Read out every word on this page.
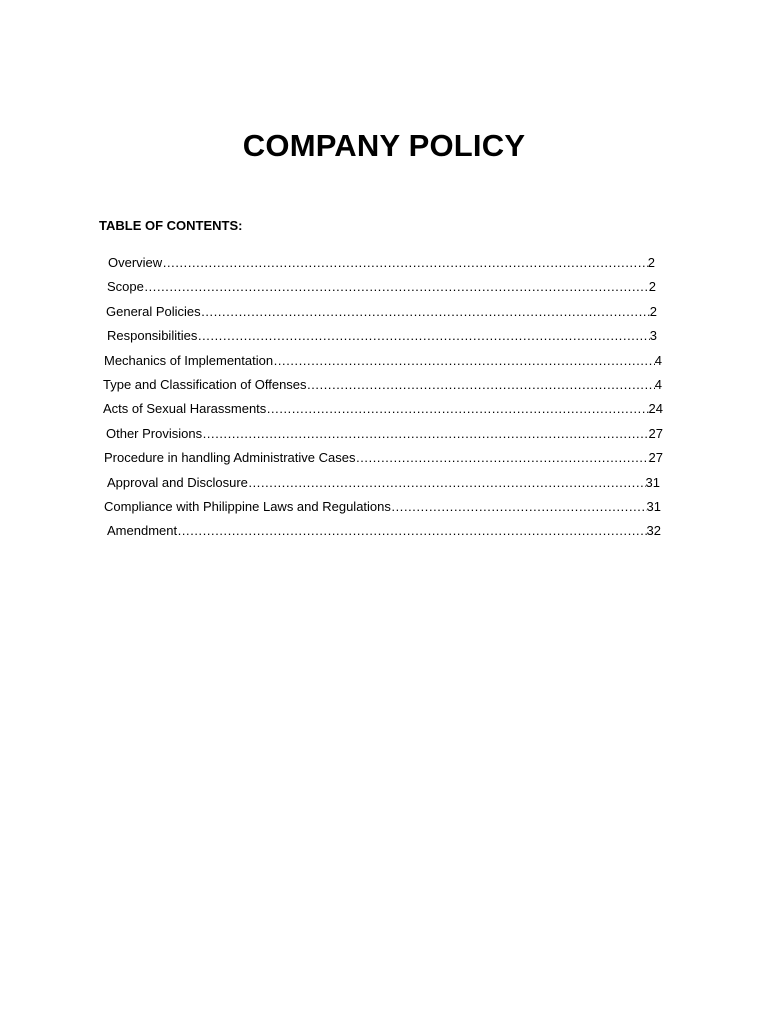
COMPANY POLICY
TABLE OF CONTENTS:
Overview ……………………………………………………………………………………………………………………………………………………………………………………………………………………………………………………	2
Scope ……………………………………………………………………………………………………………………………………………………………………………………………………………………………………………………	2
General Policies ……………………………………………………………………………………………………………………………………………………………………………………………………………………………………………………	2
Responsibilities ……………………………………………………………………………………………………………………………………………………………………………………………………………………………………………………	3
Mechanics of Implementation ……………………………………………………………………………………………………………………………………………………………………………………………………………………………………………………	4
Type and Classification of Offenses ……………………………………………………………………………………………………………………………………………………………………………………………………………………………………………………	4
Acts of Sexual Harassments ……………………………………………………………………………………………………………………………………………………………………………………………………………………………………………………	24
Other Provisions ……………………………………………………………………………………………………………………………………………………………………………………………………………………………………………………	27
Procedure in handling Administrative Cases ……………………………………………………………………………………………………………………………………………………………………………………………………………………………………………………	27
Approval and Disclosure ……………………………………………………………………………………………………………………………………………………………………………………………………………………………………………………	31
Compliance with Philippine Laws and Regulations ……………………………………………………………………………………………………………………………………………………………………………………………………………………………………………………	31
Amendment ……………………………………………………………………………………………………………………………………………………………………………………………………………………………………………………	32
